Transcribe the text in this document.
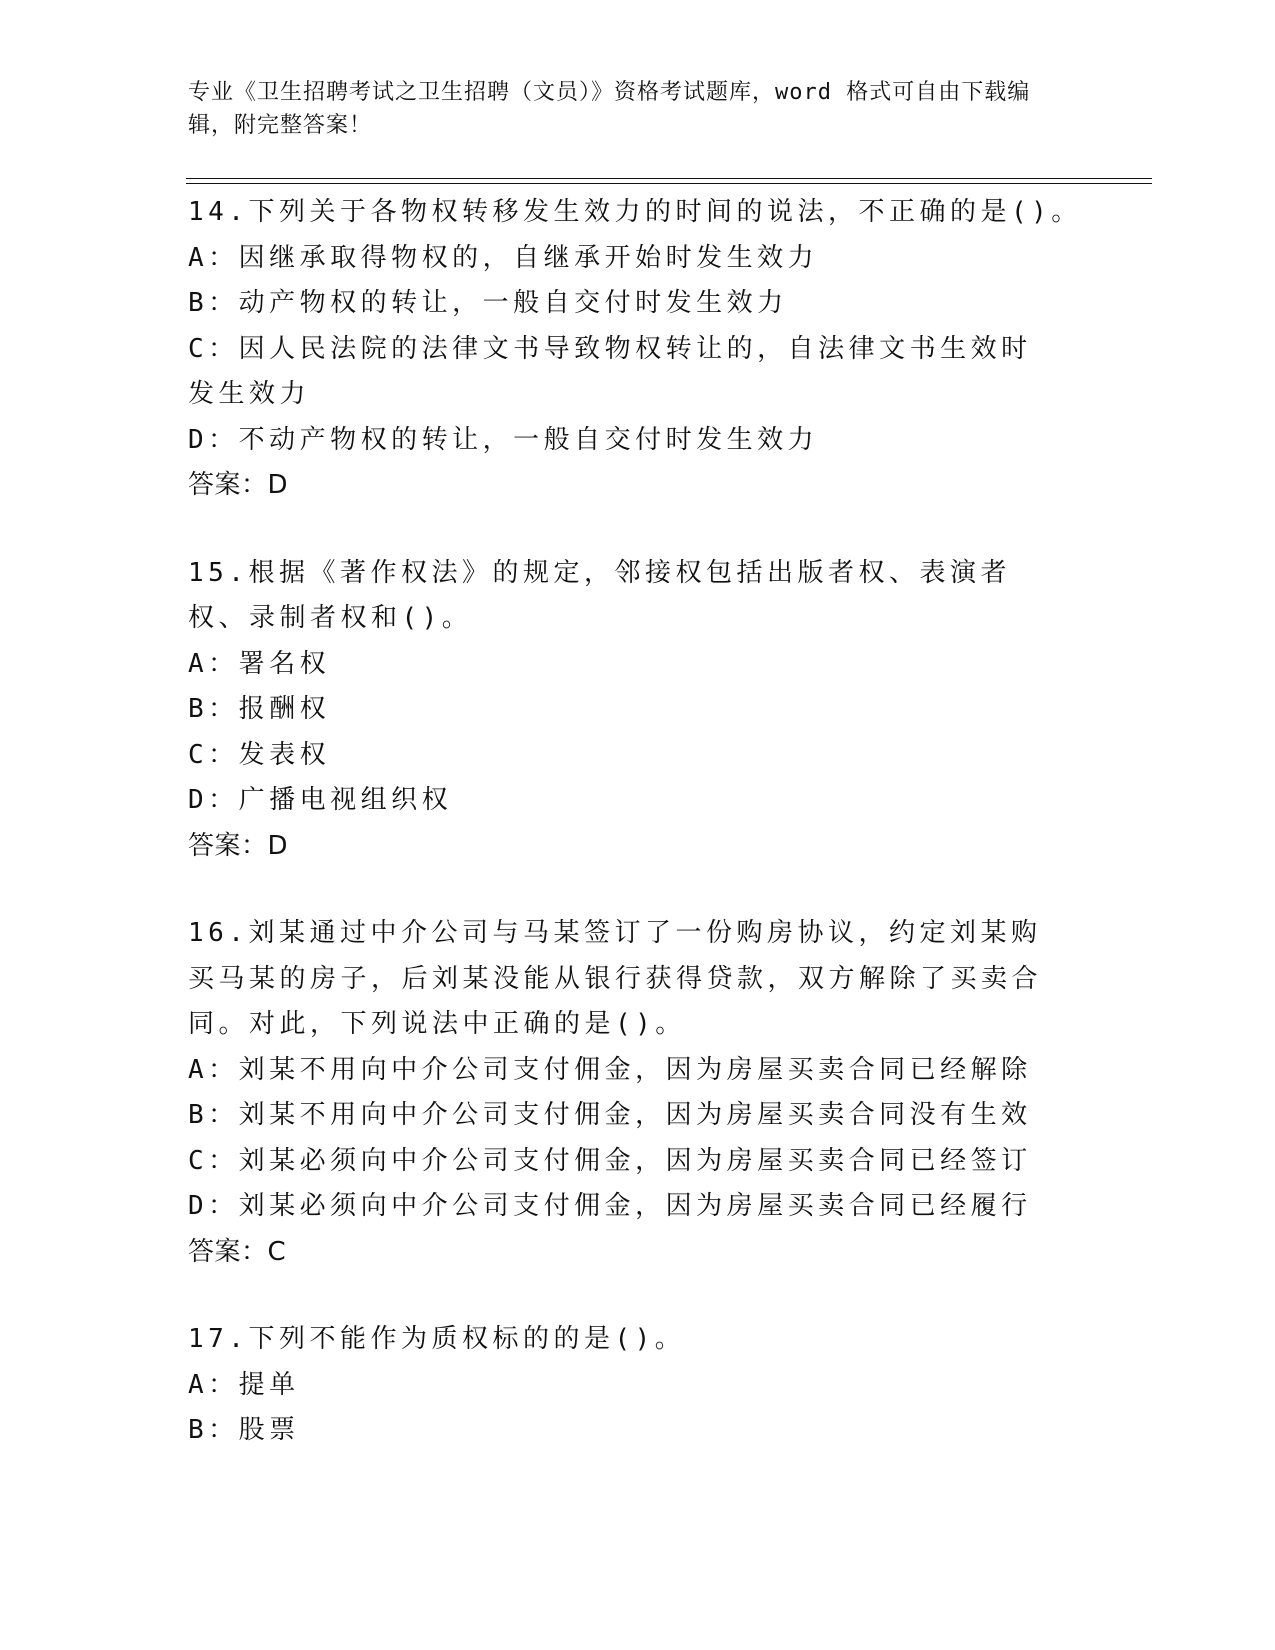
专业《卫生招聘考试之卫生招聘（文员）》资格考试题库，word 格式可自由下载编辑，附完整答案！
14.下列关于各物权转移发生效力的时间的说法，不正确的是()。
A：因继承取得物权的，自继承开始时发生效力
B：动产物权的转让，一般自交付时发生效力
C：因人民法院的法律文书导致物权转让的，自法律文书生效时发生效力
D：不动产物权的转让，一般自交付时发生效力
答案：D
15.根据《著作权法》的规定，邻接权包括出版者权、表演者权、录制者权和()。
A：署名权
B：报酬权
C：发表权
D：广播电视组织权
答案：D
16.刘某通过中介公司与马某签订了一份购房协议，约定刘某购买马某的房子，后刘某没能从银行获得贷款，双方解除了买卖合同。对此，下列说法中正确的是()。
A：刘某不用向中介公司支付佣金，因为房屋买卖合同已经解除
B：刘某不用向中介公司支付佣金，因为房屋买卖合同没有生效
C：刘某必须向中介公司支付佣金，因为房屋买卖合同已经签订
D：刘某必须向中介公司支付佣金，因为房屋买卖合同已经履行
答案：C
17.下列不能作为质权标的的是()。
A：提单
B：股票
